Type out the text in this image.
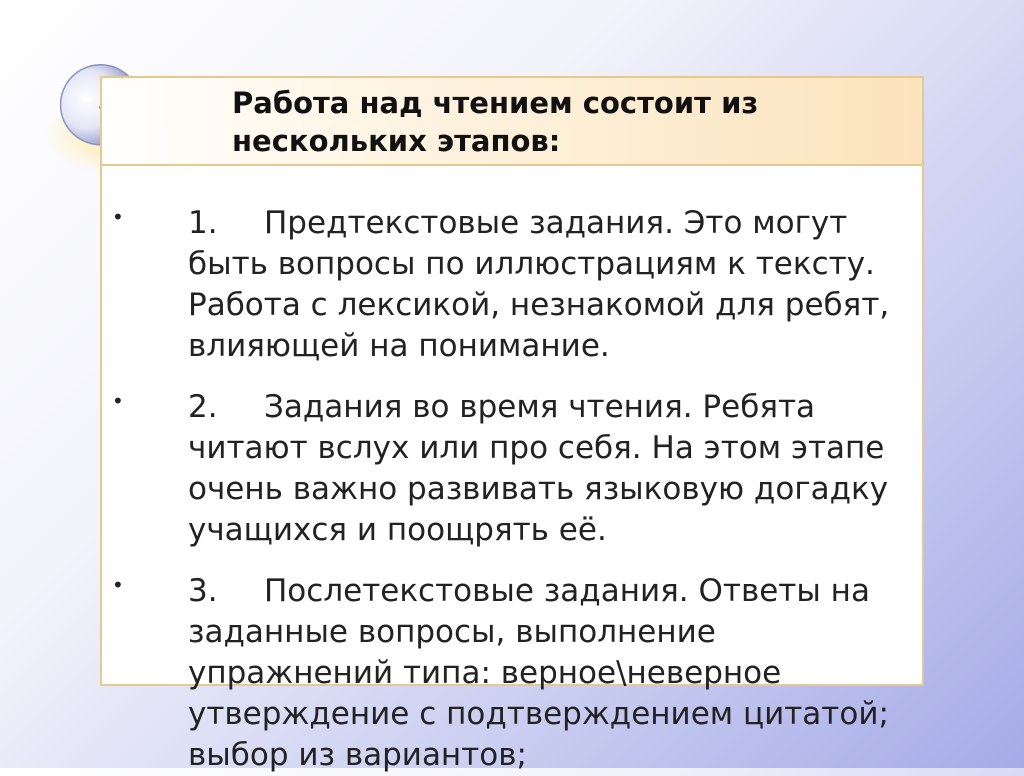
Работа над чтением состоит из нескольких этапов:
• 1.	Предтекстовые задания. Это могут быть вопросы по иллюстрациям к тексту. Работа с лексикой, незнакомой для ребят, влияющей на понимание.

• 2.	Задания во время чтения. Ребята читают вслух или про себя. На этом этапе очень важно развивать языковую догадку учащихся и поощрять её.

• 3.	Послетекстовые задания. Ответы на заданные вопросы, выполнение упражнений типа: верное\неверное утверждение с подтверждением цитатой; выбор из вариантов;
